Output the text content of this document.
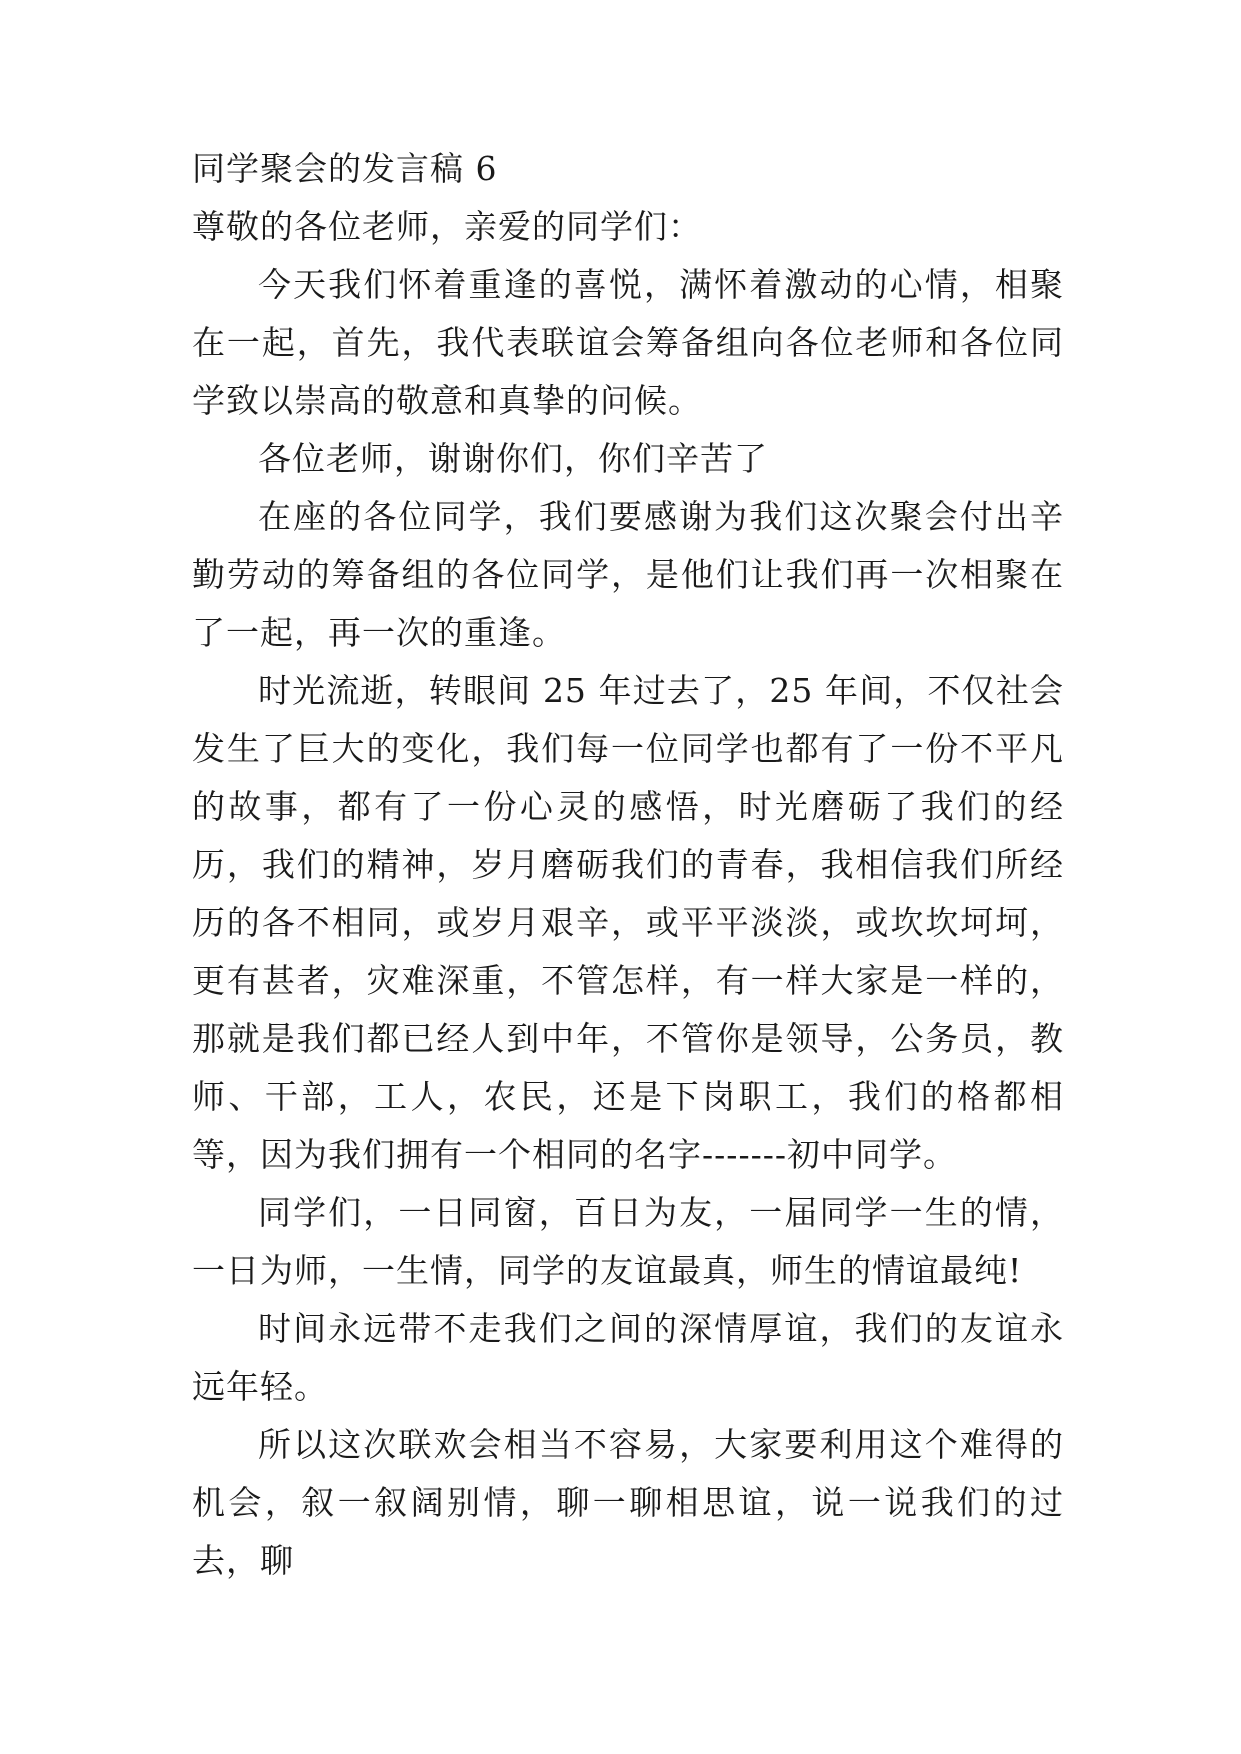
同学聚会的发言稿 6

尊敬的各位老师，亲爱的同学们：

今天我们怀着重逢的喜悦，满怀着激动的心情，相聚在一起，首先，我代表联谊会筹备组向各位老师和各位同学致以崇高的敬意和真挚的问候。

各位老师，谢谢你们，你们辛苦了

在座的各位同学，我们要感谢为我们这次聚会付出辛勤劳动的筹备组的各位同学，是他们让我们再一次相聚在了一起，再一次的重逢。

时光流逝，转眼间 25 年过去了，25 年间，不仅社会发生了巨大的变化，我们每一位同学也都有了一份不平凡的故事，都有了一份心灵的感悟，时光磨砺了我们的经历，我们的精神，岁月磨砺我们的青春，我相信我们所经历的各不相同，或岁月艰辛，或平平淡淡，或坎坎坷坷，更有甚者，灾难深重，不管怎样，有一样大家是一样的，那就是我们都已经人到中年，不管你是领导，公务员，教师、干部，工人，农民，还是下岗职工，我们的格都相等，因为我们拥有一个相同的名字-------初中同学。

同学们，一日同窗，百日为友，一届同学一生的情，一日为师，一生情，同学的友谊最真，师生的情谊最纯!

时间永远带不走我们之间的深情厚谊，我们的友谊永远年轻。

所以这次联欢会相当不容易，大家要利用这个难得的机会，叙一叙阔别情，聊一聊相思谊，说一说我们的过去，聊
